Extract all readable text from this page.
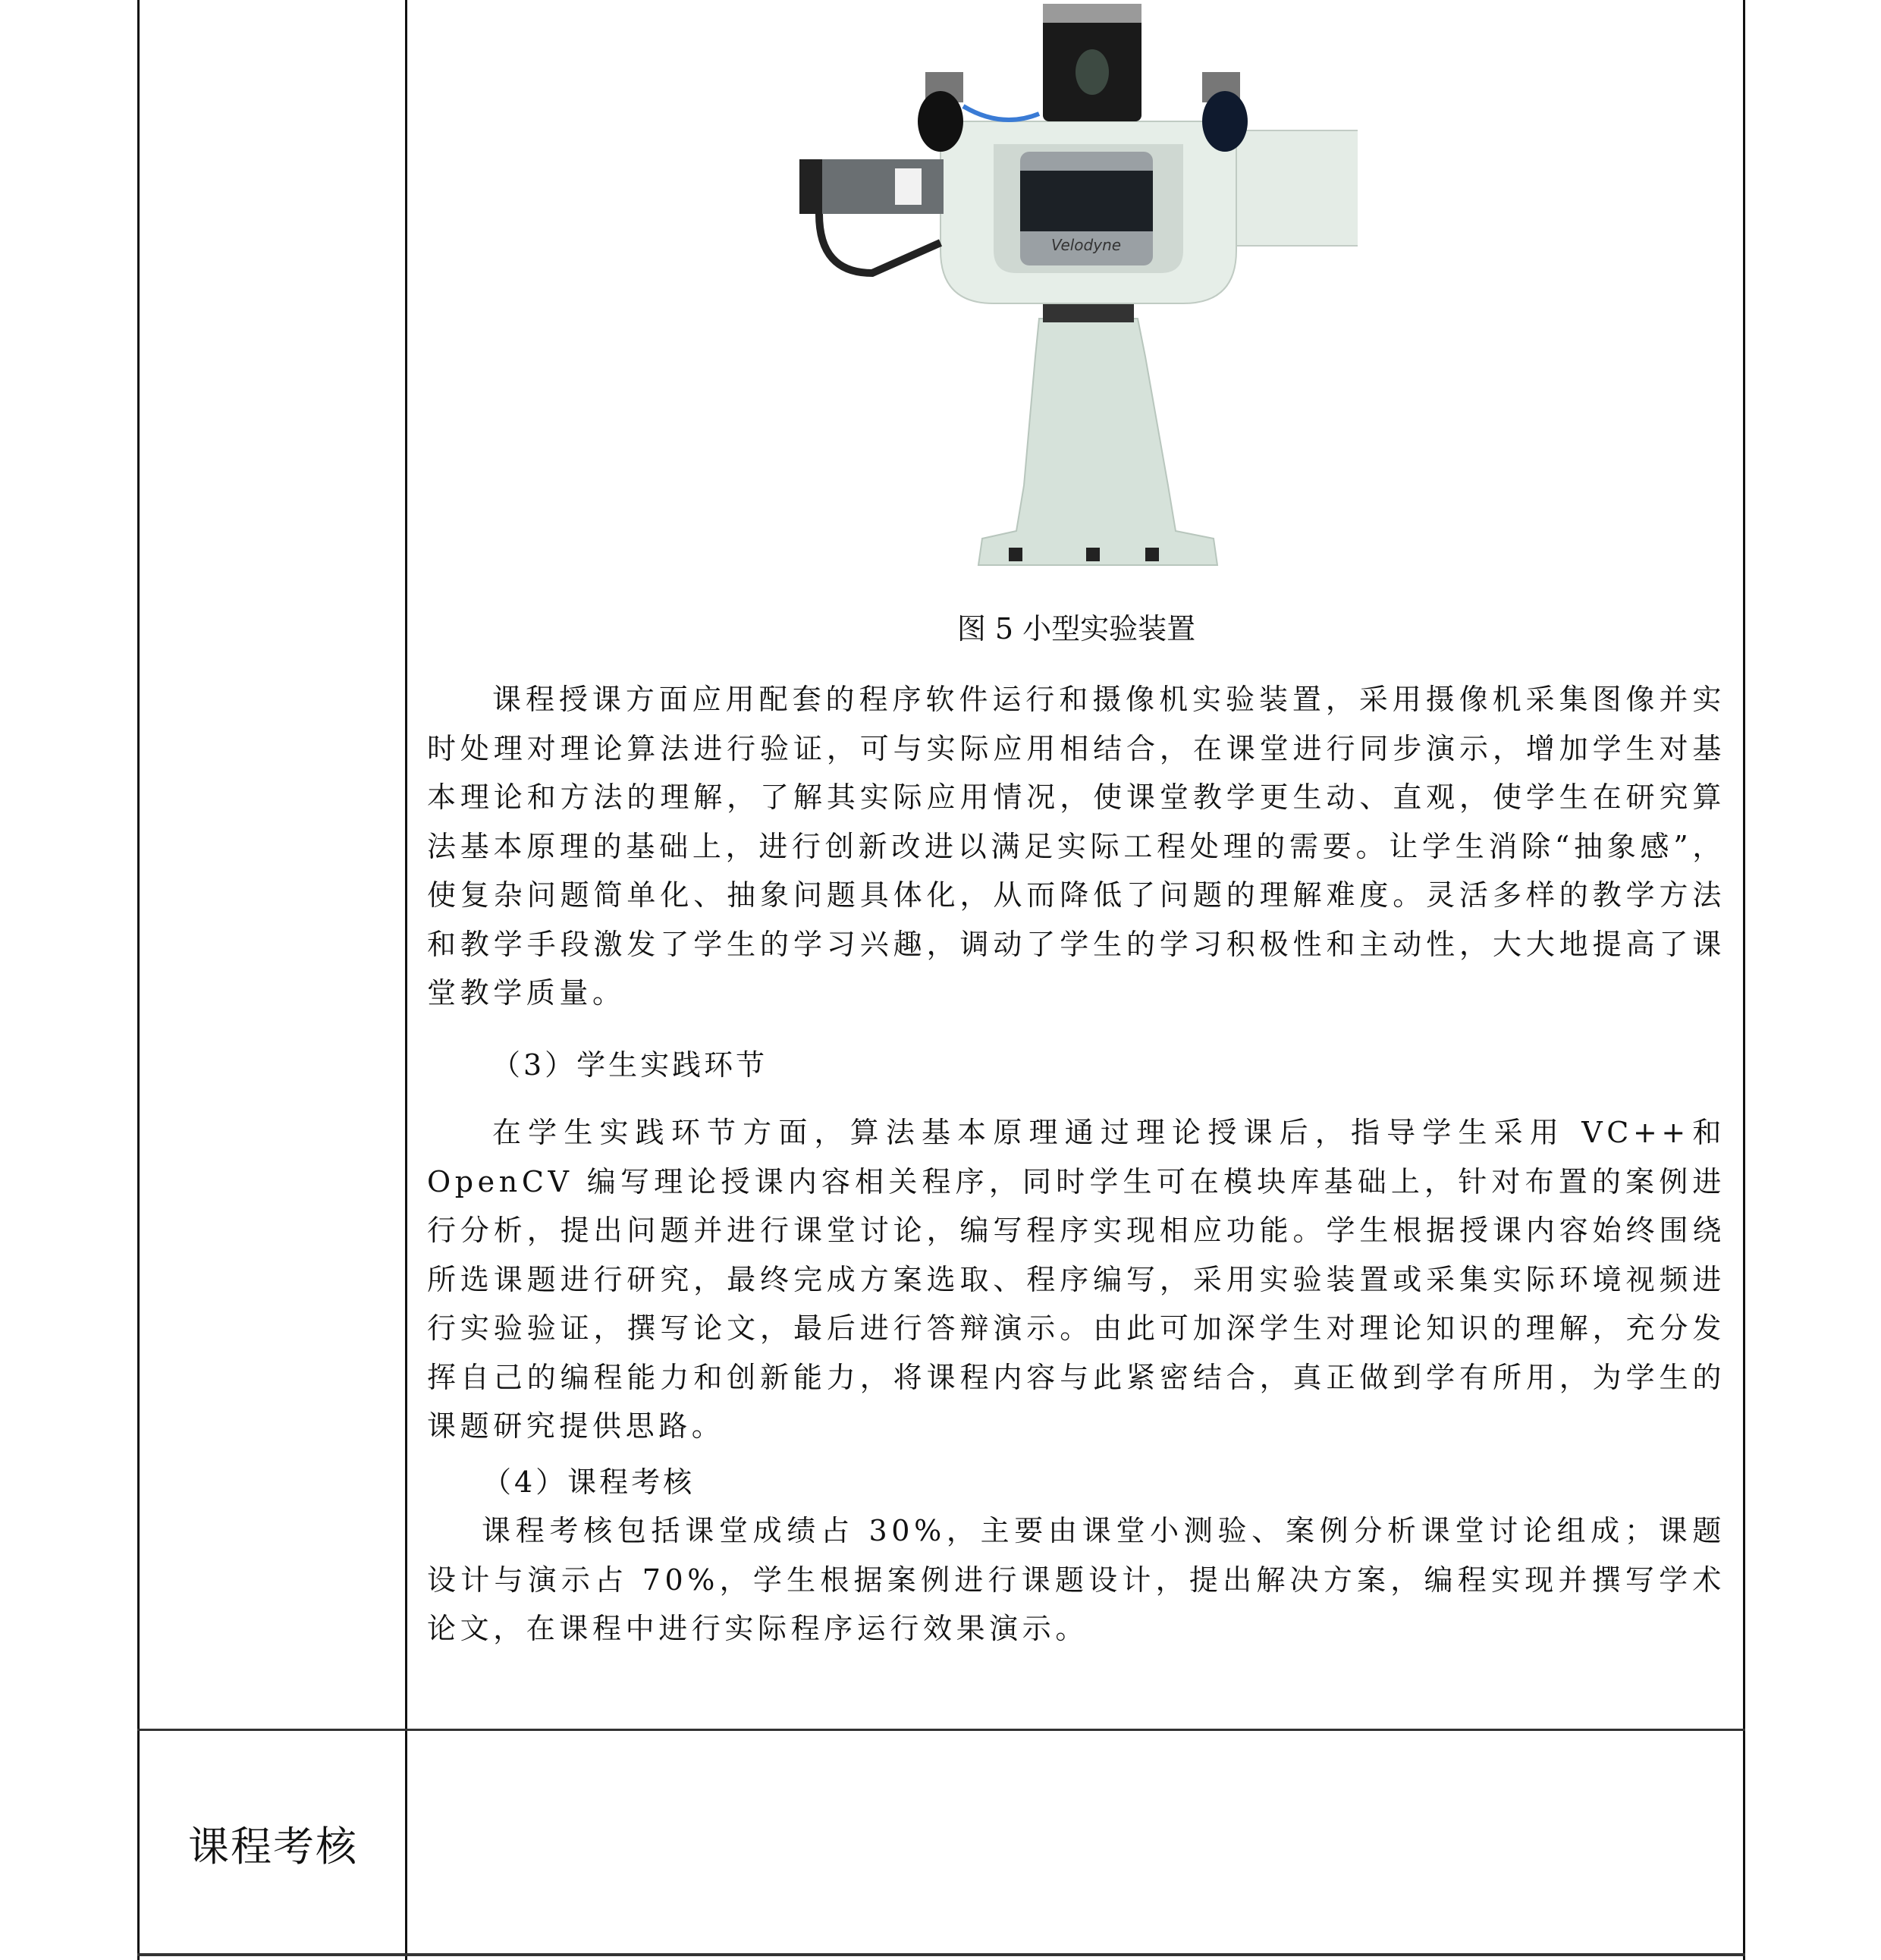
Velodyne
图 5 小型实验装置
课程授课方面应用配套的程序软件运行和摄像机实验装置，采用摄像机采集图像并实时处理对理论算法进行验证，可与实际应用相结合，在课堂进行同步演示，增加学生对基本理论和方法的理解，了解其实际应用情况，使课堂教学更生动、直观，使学生在研究算法基本原理的基础上，进行创新改进以满足实际工程处理的需要。让学生消除“抽象感”，使复杂问题简单化、抽象问题具体化，从而降低了问题的理解难度。灵活多样的教学方法和教学手段激发了学生的学习兴趣，调动了学生的学习积极性和主动性，大大地提高了课堂教学质量。
（3）学生实践环节
在学生实践环节方面，算法基本原理通过理论授课后，指导学生采用 VC++和 OpenCV 编写理论授课内容相关程序，同时学生可在模块库基础上，针对布置的案例进行分析，提出问题并进行课堂讨论，编写程序实现相应功能。学生根据授课内容始终围绕所选课题进行研究，最终完成方案选取、程序编写，采用实验装置或采集实际环境视频进行实验验证，撰写论文，最后进行答辩演示。由此可加深学生对理论知识的理解，充分发挥自己的编程能力和创新能力，将课程内容与此紧密结合，真正做到学有所用，为学生的课题研究提供思路。
（4）课程考核
课程考核包括课堂成绩占 30%，主要由课堂小测验、案例分析课堂讨论组成；课题设计与演示占 70%，学生根据案例进行课题设计，提出解决方案，编程实现并撰写学术论文，在课程中进行实际程序运行效果演示。
课程考核
